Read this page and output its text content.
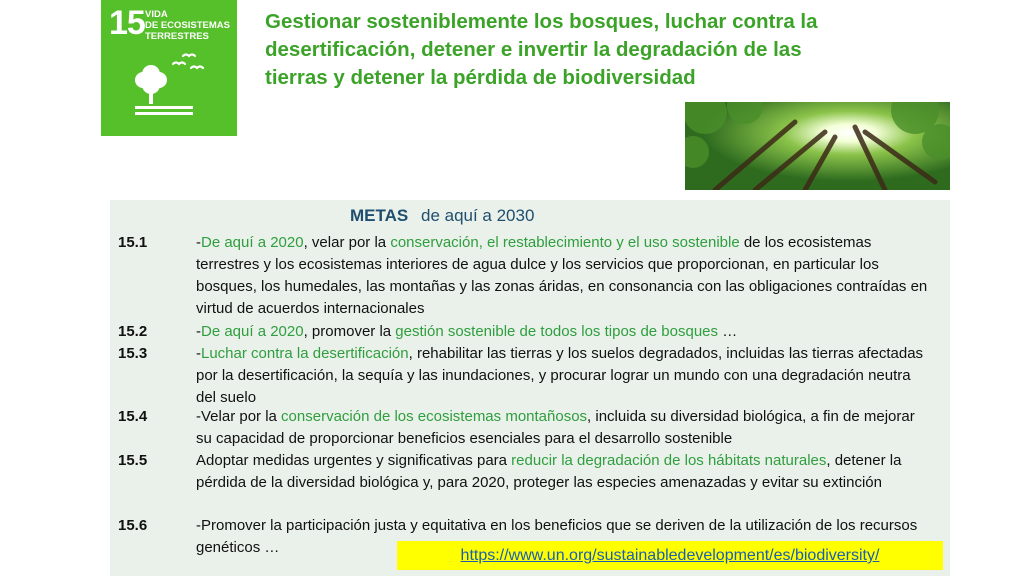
15 VIDA
DE ECOSISTEMAS
TERRESTRES
Gestionar sosteniblemente los bosques, luchar contra la
desertificación, detener e invertir la degradación de las
tierras y detener la pérdida de biodiversidad
METAS de aquí a 2030
15.1	-De aquí a 2020, velar por la conservación, el restablecimiento y el uso sostenible de los ecosistemas terrestres y los ecosistemas interiores de agua dulce y los servicios que proporcionan, en particular los bosques, los humedales, las montañas y las zonas áridas, en consonancia con las obligaciones contraídas en virtud de acuerdos internacionales
15.2	-De aquí a 2020, promover la gestión sostenible de todos los tipos de bosques …
15.3	-Luchar contra la desertificación, rehabilitar las tierras y los suelos degradados, incluidas las tierras afectadas por la desertificación, la sequía y las inundaciones, y procurar lograr un mundo con una degradación neutra del suelo
15.4	-Velar por la conservación de los ecosistemas montañosos, incluida su diversidad biológica, a fin de mejorar su capacidad de proporcionar beneficios esenciales para el desarrollo sostenible
15.5	Adoptar medidas urgentes y significativas para reducir la degradación de los hábitats naturales, detener la pérdida de la diversidad biológica y, para 2020, proteger las especies amenazadas y evitar su extinción
15.6	-Promover la participación justa y equitativa en los beneficios que se deriven de la utilización de los recursos genéticos …	https://www.un.org/sustainabledevelopment/es/biodiversity/
